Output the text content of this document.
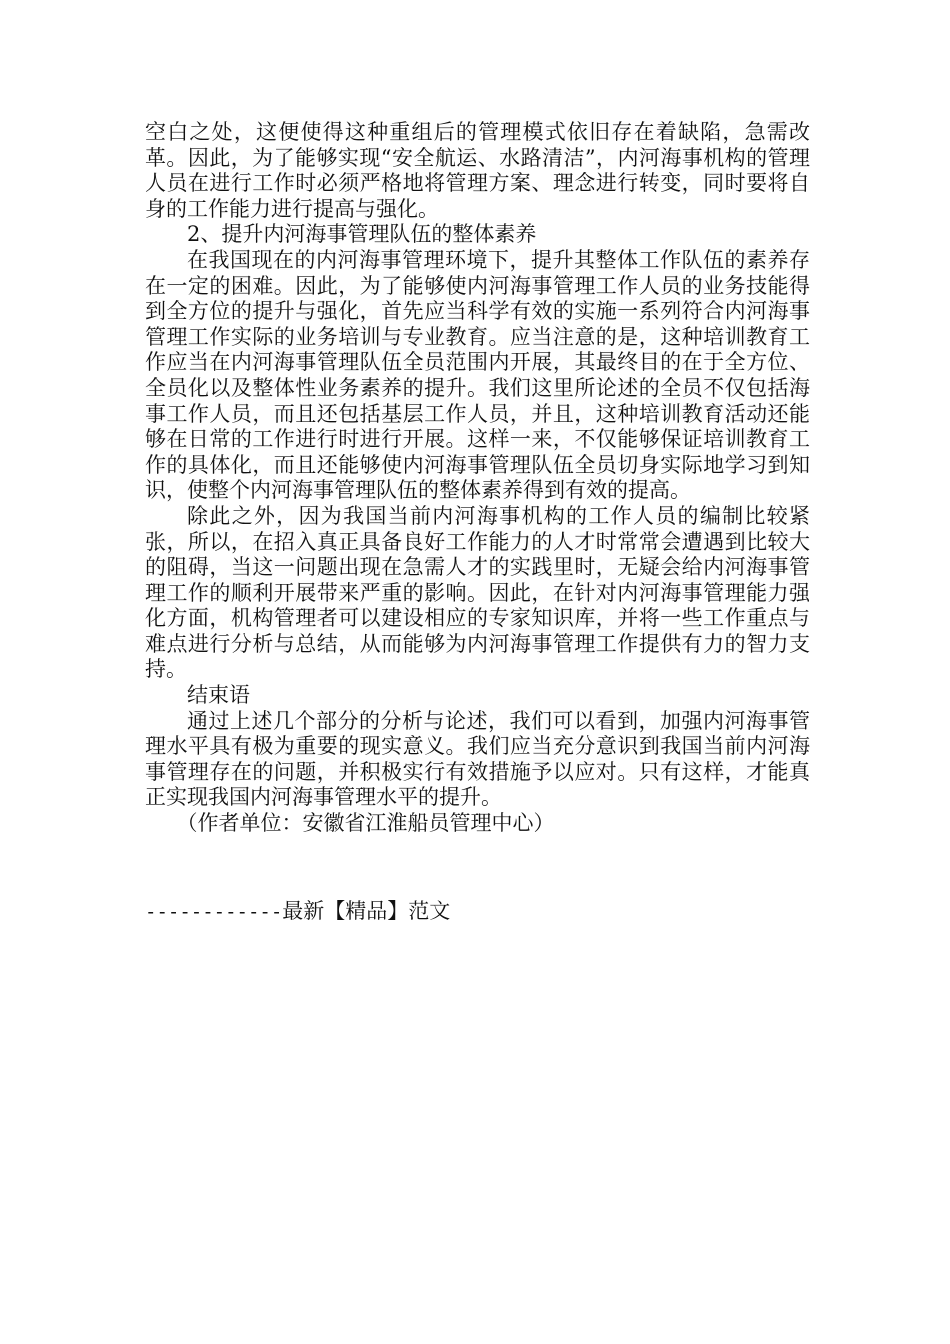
空白之处，这便使得这种重组后的管理模式依旧存在着缺陷，急需改革。因此，为了能够实现“安全航运、水路清洁”，内河海事机构的管理人员在进行工作时必须严格地将管理方案、理念进行转变，同时要将自身的工作能力进行提高与强化。

2、提升内河海事管理队伍的整体素养

在我国现在的内河海事管理环境下，提升其整体工作队伍的素养存在一定的困难。因此，为了能够使内河海事管理工作人员的业务技能得到全方位的提升与强化，首先应当科学有效的实施一系列符合内河海事管理工作实际的业务培训与专业教育。应当注意的是，这种培训教育工作应当在内河海事管理队伍全员范围内开展，其最终目的在于全方位、全员化以及整体性业务素养的提升。我们这里所论述的全员不仅包括海事工作人员，而且还包括基层工作人员，并且，这种培训教育活动还能够在日常的工作进行时进行开展。这样一来，不仅能够保证培训教育工作的具体化，而且还能够使内河海事管理队伍全员切身实际地学习到知识，使整个内河海事管理队伍的整体素养得到有效的提高。

除此之外，因为我国当前内河海事机构的工作人员的编制比较紧张，所以，在招入真正具备良好工作能力的人才时常常会遭遇到比较大的阻碍，当这一问题出现在急需人才的实践里时，无疑会给内河海事管理工作的顺利开展带来严重的影响。因此，在针对内河海事管理能力强化方面，机构管理者可以建设相应的专家知识库，并将一些工作重点与难点进行分析与总结，从而能够为内河海事管理工作提供有力的智力支持。

结束语

通过上述几个部分的分析与论述，我们可以看到，加强内河海事管理水平具有极为重要的现实意义。我们应当充分意识到我国当前内河海事管理存在的问题，并积极实行有效措施予以应对。只有这样，才能真正实现我国内河海事管理水平的提升。

（作者单位：安徽省江淮船员管理中心）

------------最新【精品】范文
